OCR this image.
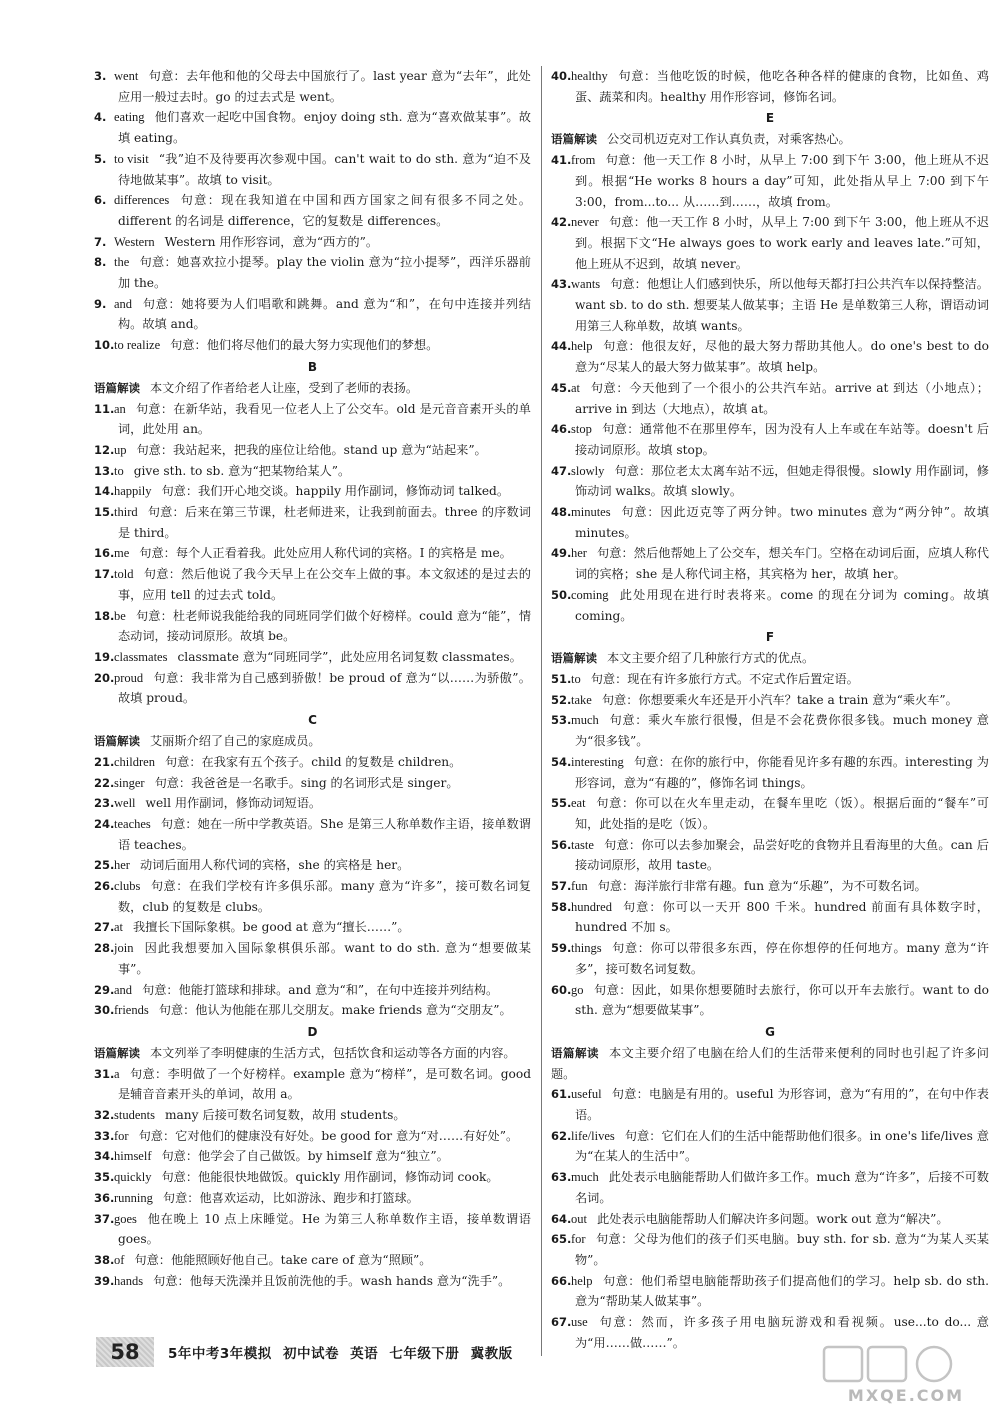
3. went 句意：去年他和他的父母去中国旅行了。last year 意为“去年”，此处应用一般过去时。go 的过去式是 went。
4. eating 他们喜欢一起吃中国食物。enjoy doing sth. 意为“喜欢做某事”。故填 eating。
5. to visit “我”迫不及待要再次参观中国。can't wait to do sth. 意为“迫不及待地做某事”。故填 to visit。
6. differences 句意：现在我知道在中国和西方国家之间有很多不同之处。different 的名词是 difference，它的复数是 differences。
7. Western Western 用作形容词，意为“西方的”。
8. the 句意：她喜欢拉小提琴。play the violin 意为“拉小提琴”，西洋乐器前加 the。
9. and 句意：她将要为人们唱歌和跳舞。and 意为“和”，在句中连接并列结构。故填 and。
10.to realize 句意：他们将尽他们的最大努力实现他们的梦想。
B
语篇解读 本文介绍了作者给老人让座，受到了老师的表扬。
11.an 句意：在新华站，我看见一位老人上了公交车。old 是元音音素开头的单词，此处用 an。
12.up 句意：我站起来，把我的座位让给他。stand up 意为“站起来”。
13.to give sth. to sb. 意为“把某物给某人”。
14.happily 句意：我们开心地交谈。happily 用作副词，修饰动词 talked。
15.third 句意：后来在第三节课，杜老师进来，让我到前面去。three 的序数词是 third。
16.me 句意：每个人正看着我。此处应用人称代词的宾格。I 的宾格是 me。
17.told 句意：然后他说了我今天早上在公交车上做的事。本文叙述的是过去的事，应用 tell 的过去式 told。
18.be 句意：杜老师说我能给我的同班同学们做个好榜样。could 意为“能”，情态动词，接动词原形。故填 be。
19.classmates classmate 意为“同班同学”，此处应用名词复数 classmates。
20.proud 句意：我非常为自己感到骄傲！be proud of 意为“以……为骄傲”。故填 proud。
C
语篇解读 艾丽斯介绍了自己的家庭成员。
21.children 句意：在我家有五个孩子。child 的复数是 children。
22.singer 句意：我爸爸是一名歌手。sing 的名词形式是 singer。
23.well well 用作副词，修饰动词短语。
24.teaches 句意：她在一所中学教英语。She 是第三人称单数作主语，接单数谓语 teaches。
25.her 动词后面用人称代词的宾格，she 的宾格是 her。
26.clubs 句意：在我们学校有许多俱乐部。many 意为“许多”，接可数名词复数，club 的复数是 clubs。
27.at 我擅长下国际象棋。be good at 意为“擅长……”。
28.join 因此我想要加入国际象棋俱乐部。want to do sth. 意为“想要做某事”。
29.and 句意：他能打篮球和排球。and 意为“和”，在句中连接并列结构。
30.friends 句意：他认为他能在那儿交朋友。make friends 意为“交朋友”。
D
语篇解读 本文列举了李明健康的生活方式，包括饮食和运动等各方面的内容。
31.a 句意：李明做了一个好榜样。example 意为“榜样”，是可数名词。good 是辅音音素开头的单词，故用 a。
32.students many 后接可数名词复数，故用 students。
33.for 句意：它对他们的健康没有好处。be good for 意为“对……有好处”。
34.himself 句意：他学会了自己做饭。by himself 意为“独立”。
35.quickly 句意：他能很快地做饭。quickly 用作副词，修饰动词 cook。
36.running 句意：他喜欢运动，比如游泳、跑步和打篮球。
37.goes 他在晚上 10 点上床睡觉。He 为第三人称单数作主语，接单数谓语 goes。
38.of 句意：他能照顾好他自己。take care of 意为“照顾”。
39.hands 句意：他每天洗澡并且饭前洗他的手。wash hands 意为“洗手”。
40.healthy 句意：当他吃饭的时候，他吃各种各样的健康的食物，比如鱼、鸡蛋、蔬菜和肉。healthy 用作形容词，修饰名词。
E
语篇解读 公交司机迈克对工作认真负责，对乘客热心。
41.from 句意：他一天工作 8 小时，从早上 7:00 到下午 3:00，他上班从不迟到。根据“He works 8 hours a day”可知，此处指从早上 7:00 到下午 3:00，from...to... 从……到……，故填 from。
42.never 句意：他一天工作 8 小时，从早上 7:00 到下午 3:00，他上班从不迟到。根据下文“He always goes to work early and leaves late.”可知，他上班从不迟到，故填 never。
43.wants 句意：他想让人们感到快乐，所以他每天都打扫公共汽车以保持整洁。want sb. to do sth. 想要某人做某事；主语 He 是单数第三人称，谓语动词用第三人称单数，故填 wants。
44.help 句意：他很友好，尽他的最大努力帮助其他人。do one's best to do 意为“尽某人的最大努力做某事”。故填 help。
45.at 句意：今天他到了一个很小的公共汽车站。arrive at 到达（小地点）；arrive in 到达（大地点），故填 at。
46.stop 句意：通常他不在那里停车，因为没有人上车或在车站等。doesn't 后接动词原形。故填 stop。
47.slowly 句意：那位老太太离车站不远，但她走得很慢。slowly 用作副词，修饰动词 walks。故填 slowly。
48.minutes 句意：因此迈克等了两分钟。two minutes 意为“两分钟”。故填 minutes。
49.her 句意：然后他帮她上了公交车，想关车门。空格在动词后面，应填人称代词的宾格；she 是人称代词主格，其宾格为 her，故填 her。
50.coming 此处用现在进行时表将来。come 的现在分词为 coming。故填 coming。
F
语篇解读 本文主要介绍了几种旅行方式的优点。
51.to 句意：现在有许多旅行方式。不定式作后置定语。
52.take 句意：你想要乘火车还是开小汽车？take a train 意为“乘火车”。
53.much 句意：乘火车旅行很慢，但是不会花费你很多钱。much money 意为“很多钱”。
54.interesting 句意：在你的旅行中，你能看见许多有趣的东西。interesting 为形容词，意为“有趣的”，修饰名词 things。
55.eat 句意：你可以在火车里走动，在餐车里吃（饭）。根据后面的“餐车”可知，此处指的是吃（饭）。
56.taste 句意：你可以去参加聚会，品尝好吃的食物并且看海里的大鱼。can 后接动词原形，故用 taste。
57.fun 句意：海洋旅行非常有趣。fun 意为“乐趣”，为不可数名词。
58.hundred 句意：你可以一天开 800 千米。hundred 前面有具体数字时，hundred 不加 s。
59.things 句意：你可以带很多东西，停在你想停的任何地方。many 意为“许多”，接可数名词复数。
60.go 句意：因此，如果你想要随时去旅行，你可以开车去旅行。want to do sth. 意为“想要做某事”。
G
语篇解读 本文主要介绍了电脑在给人们的生活带来便利的同时也引起了许多问题。
61.useful 句意：电脑是有用的。useful 为形容词，意为“有用的”，在句中作表语。
62.life/lives 句意：它们在人们的生活中能帮助他们很多。in one's life/lives 意为“在某人的生活中”。
63.much 此处表示电脑能帮助人们做许多工作。much 意为“许多”，后接不可数名词。
64.out 此处表示电脑能帮助人们解决许多问题。work out 意为“解决”。
65.for 句意：父母为他们的孩子们买电脑。buy sth. for sb. 意为“为某人买某物”。
66.help 句意：他们希望电脑能帮助孩子们提高他们的学习。help sb. do sth. 意为“帮助某人做某事”。
67.use 句意：然而，许多孩子用电脑玩游戏和看视频。use...to do... 意为“用……做……”。
58	5年中考3年模拟 初中试卷 英语 七年级下册 冀教版
MXQE.COM
